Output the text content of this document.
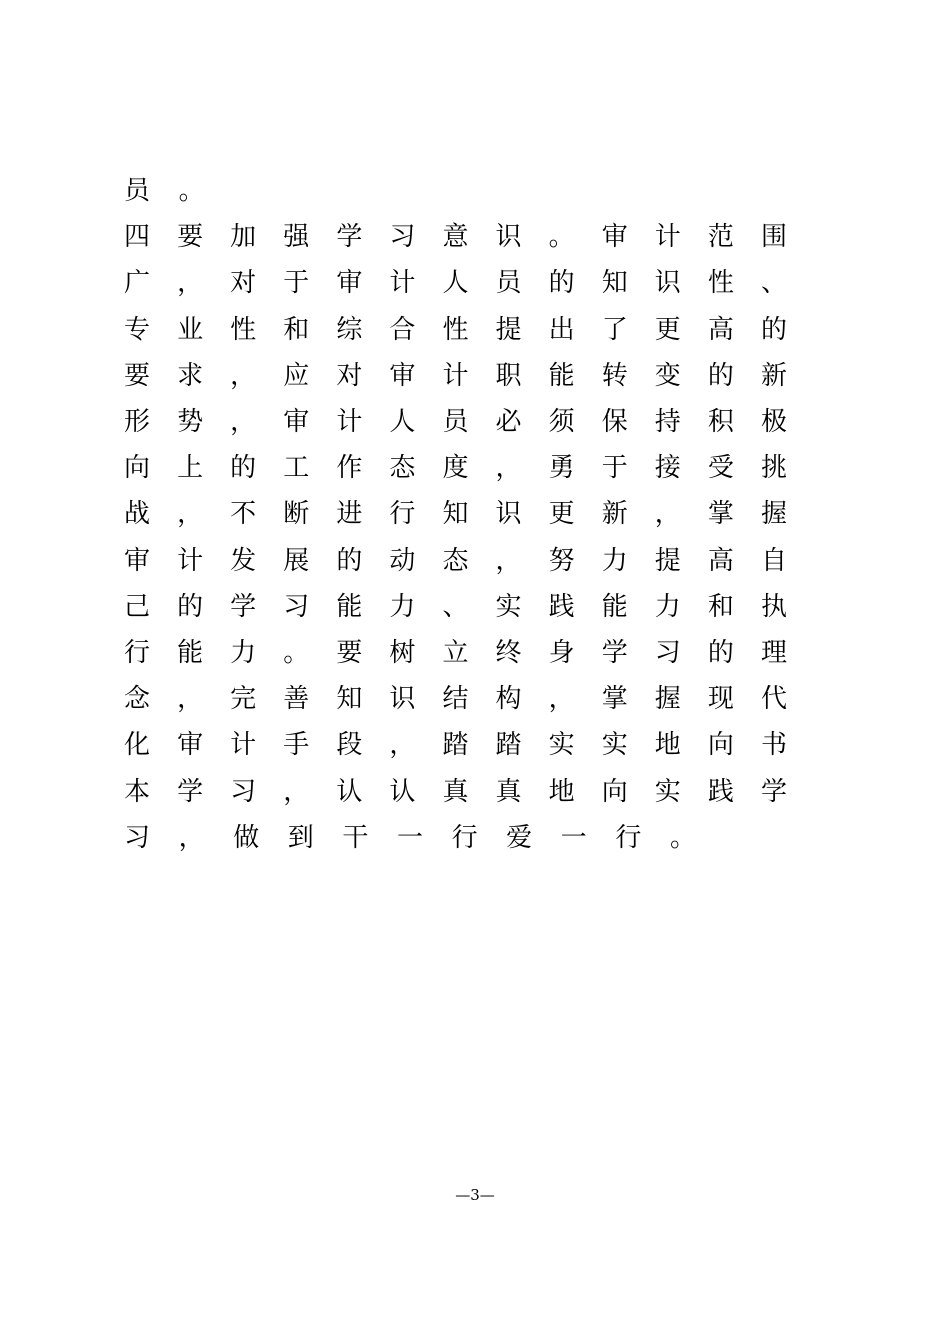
员	。
四	要	加	强	学	习	意	识	。	审	计	范	围
广	，	对	于	审	计	人	员	的	知	识	性	、
专	业	性	和	综	合	性	提	出	了	更	高	的
要	求	，	应	对	审	计	职	能	转	变	的	新
形	势	，	审	计	人	员	必	须	保	持	积	极
向	上	的	工	作	态	度	，	勇	于	接	受	挑
战	，	不	断	进	行	知	识	更	新	，	掌	握
审	计	发	展	的	动	态	，	努	力	提	高	自
己	的	学	习	能	力	、	实	践	能	力	和	执
行	能	力	。	要	树	立	终	身	学	习	的	理
念	，	完	善	知	识	结	构	，	掌	握	现	代
化	审	计	手	段	，	踏	踏	实	实	地	向	书
本	学	习	，	认	认	真	真	地	向	实	践	学
习	，	做	到	干	一	行	爱	一	行	。
—3—
